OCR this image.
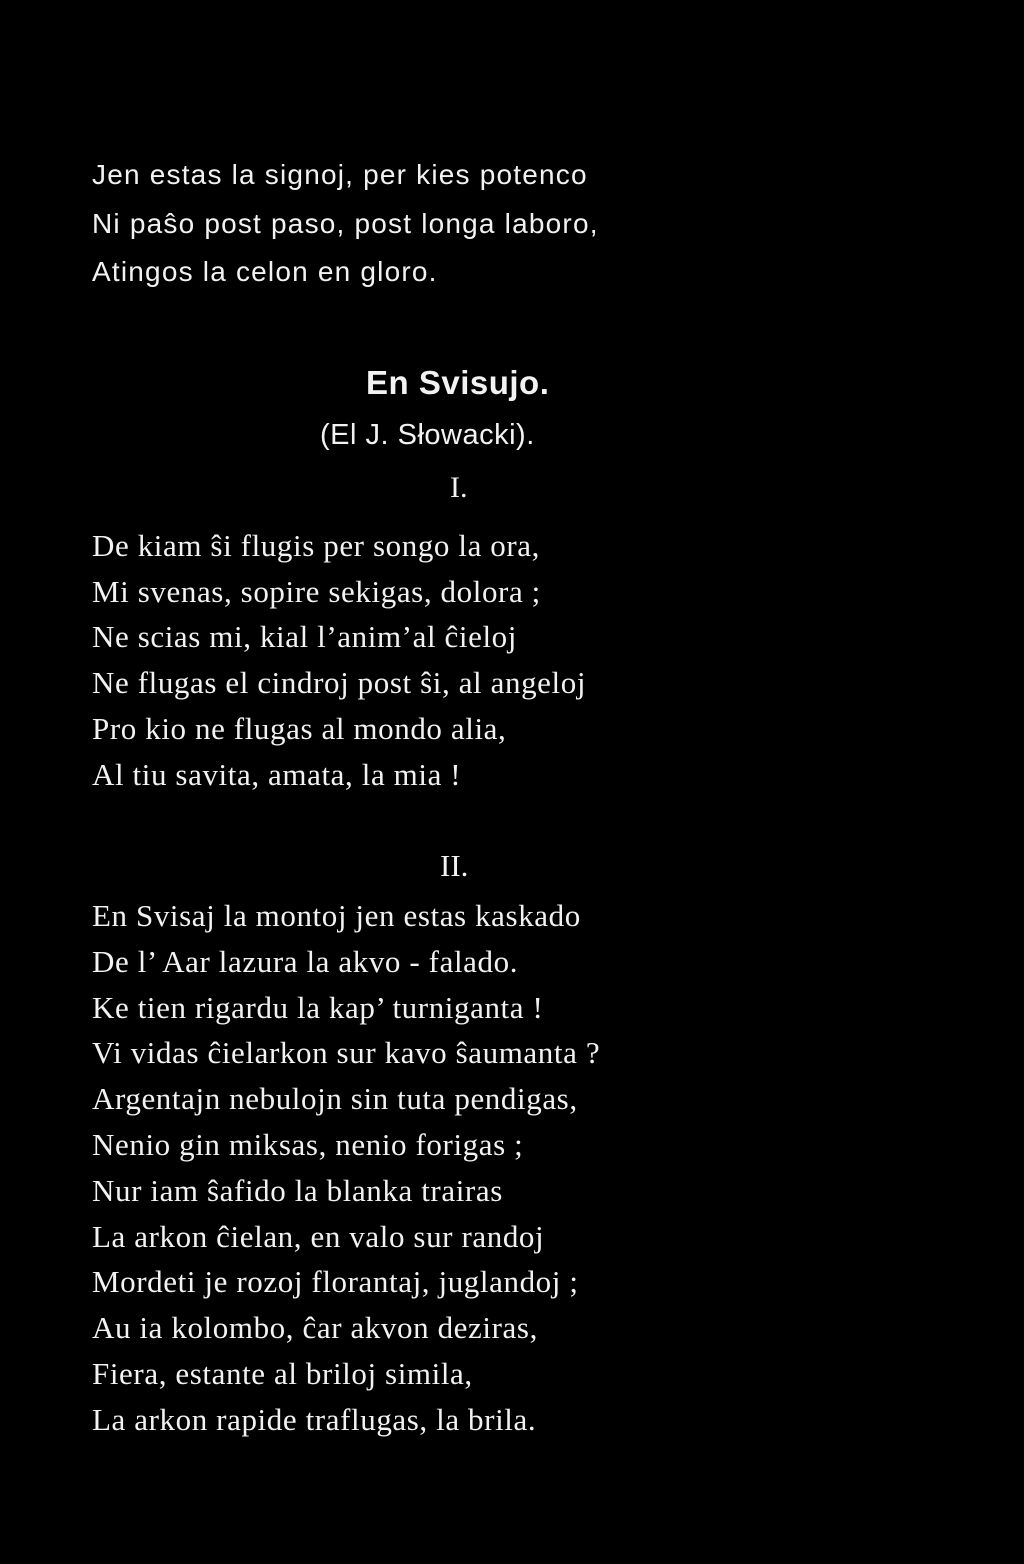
Jen estas la signoj, per kies potenco
Ni paŝo post paso, post longa laboro,
Atingos la celon en gloro.
En Svisujo.
(El J. Słowacki).
I.
De kiam ŝi flugis per songo la ora,
Mi svenas, sopire sekigas, dolora ;
Ne scias mi, kial l’anim’al ĉieloj
Ne flugas el cindroj post ŝi, al angeloj
Pro kio ne flugas al mondo alia,
Al tiu savita, amata, la mia !
II.
En Svisaj la montoj jen estas kaskado
De l’ Aar lazura la akvo - falado.
Ke tien rigardu la kap’ turniganta !
Vi vidas ĉielarkon sur kavo ŝaumanta ?
Argentajn nebulojn sin tuta pendigas,
Nenio gin miksas, nenio forigas ;
Nur iam ŝafido la blanka trairas
La arkon ĉielan, en valo sur randoj
Mordeti je rozoj florantaj, juglandoj ;
Au ia kolombo, ĉar akvon deziras,
Fiera, estante al briloj simila,
La arkon rapide traflugas, la brila.
